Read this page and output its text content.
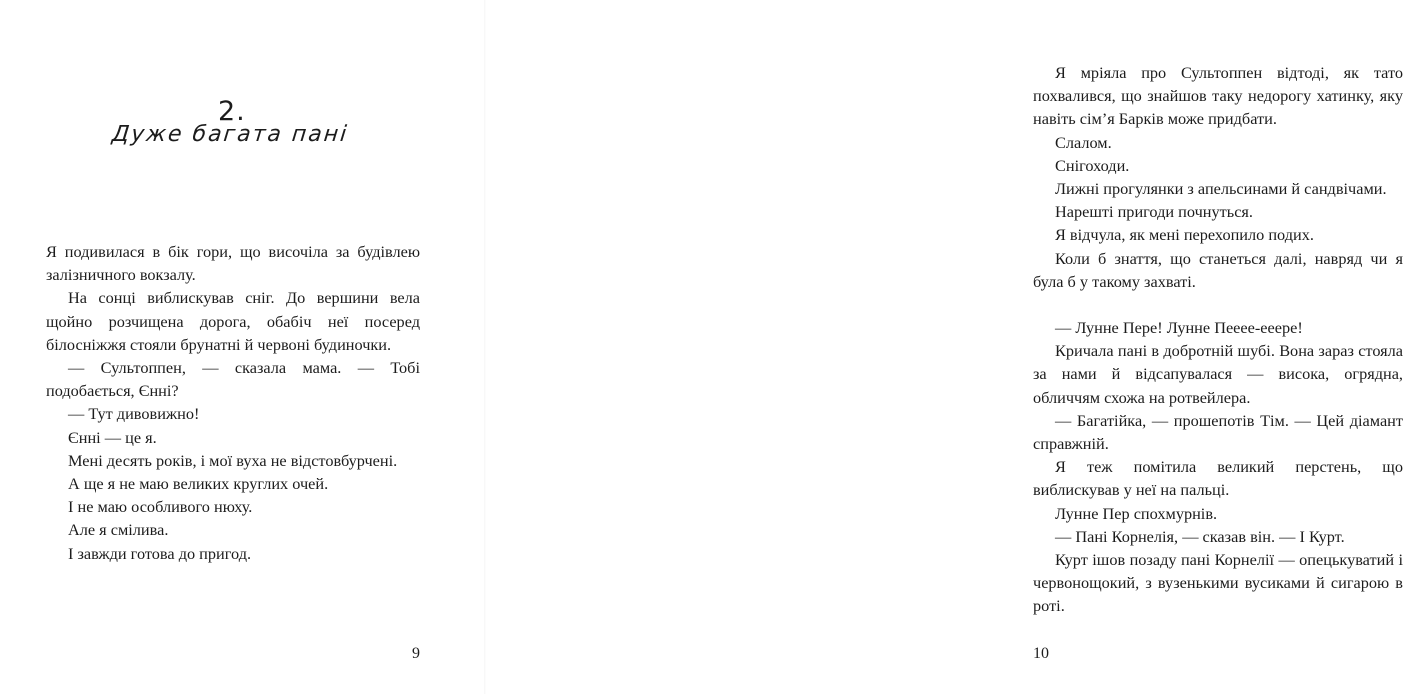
2.
Дуже багата пані

Я подивилася в бік гори, що височіла за будівлею залізничного вокзалу.

На сонці виблискував сніг. До вершини вела щойно розчищена дорога, обабіч неї посеред білосніжжя стояли брунатні й червоні будиночки.

— Сультоппен, — сказала мама. — Тобі подобається, Єнні?

— Тут дивовижно!

Єнні — це я.

Мені десять років, і мої вуха не відстовбурчені.

А ще я не маю великих круглих очей.

І не маю особливого нюху.

Але я смілива.

І завжди готова до пригод.

9

Я мріяла про Сультоппен відтоді, як тато похвалився, що знайшов таку недорогу хатинку, яку навіть сім’я Барків може придбати.

Слалом.

Снігоходи.

Лижні прогулянки з апельсинами й сандвічами.

Нарешті пригоди почнуться.

Я відчула, як мені перехопило подих.

Коли б знаття, що станеться далі, навряд чи я була б у такому захваті.

— Лунне Пере! Лунне Пееее-ееере!

Кричала пані в добротній шубі. Вона зараз стояла за нами й відсапувалася — висока, огрядна, обличчям схожа на ротвейлера.

— Багатійка, — прошепотів Тім. — Цей діамант справжній.

Я теж помітила великий перстень, що виблискував у неї на пальці.

Лунне Пер спохмурнів.

— Пані Корнелія, — сказав він. — І Курт.

Курт ішов позаду пані Корнелії — опецькуватий і червонощокий, з вузенькими вусиками й сигарою в роті.

10
